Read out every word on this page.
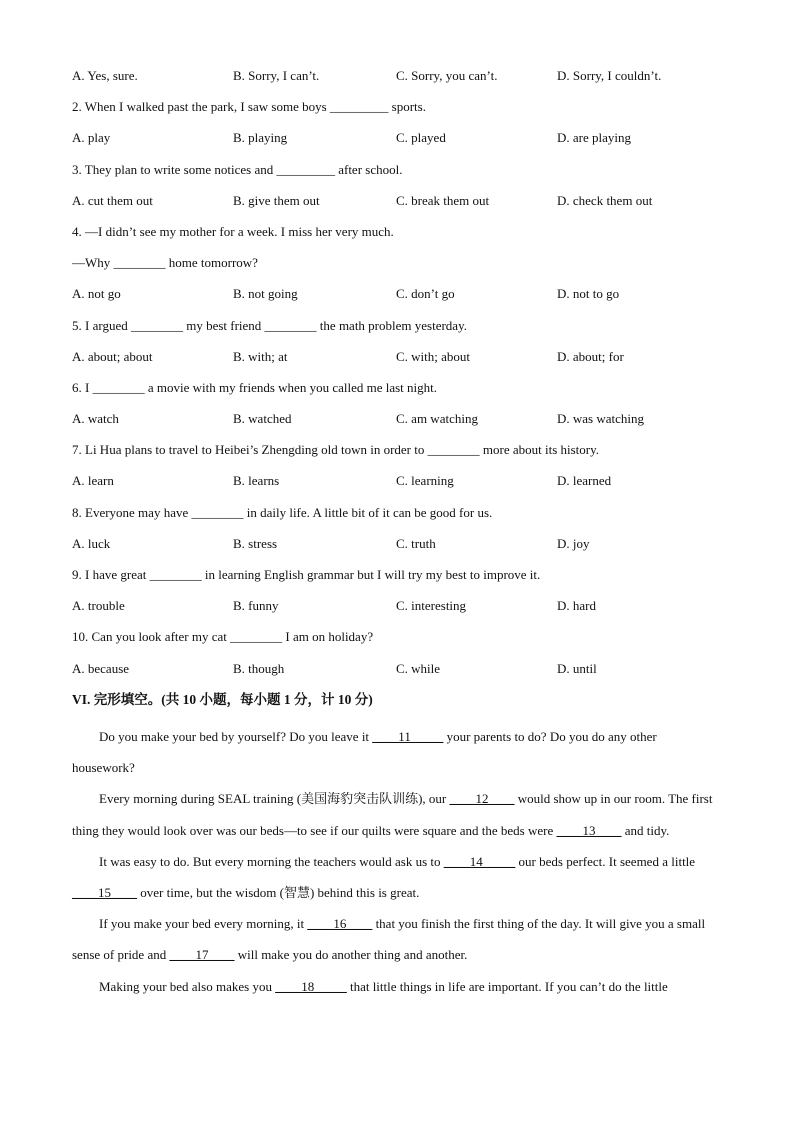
A. Yes, sure.	B. Sorry, I can’t.	C. Sorry, you can’t.	D. Sorry, I couldn’t.
2. When I walked past the park, I saw some boys _________ sports.
A. play	B. playing	C. played	D. are playing
3. They plan to write some notices and _________ after school.
A. cut them out	B. give them out	C. break them out	D. check them out
4. —I didn’t see my mother for a week. I miss her very much.
—Why ________ home tomorrow?
A. not go	B. not going	C. don’t go	D. not to go
5. I argued ________ my best friend ________ the math problem yesterday.
A. about; about	B. with; at	C. with; about	D. about; for
6. I ________ a movie with my friends when you called me last night.
A. watch	B. watched	C. am watching	D. was watching
7. Li Hua plans to travel to Heibei’s Zhengding old town in order to ________ more about its history.
A. learn	B. learns	C. learning	D. learned
8. Everyone may have ________ in daily life. A little bit of it can be good for us.
A. luck	B. stress	C. truth	D. joy
9. I have great ________ in learning English grammar but I will try my best to improve it.
A. trouble	B. funny	C. interesting	D. hard
10. Can you look after my cat ________ I am on holiday?
A. because	B. though	C. while	D. until
VI. 完形填空。(共 10 小题，每小题 1 分，计 10 分)
Do you make your bed by yourself? Do you leave it ____11_____ your parents to do? Do you do any other housework?
Every morning during SEAL training (美国海豹突击队训练), our ____12____ would show up in our room. The first thing they would look over was our beds—to see if our quilts were square and the beds were ____13____ and tidy.
It was easy to do. But every morning the teachers would ask us to ____14_____ our beds perfect. It seemed a little ____15____ over time, but the wisdom (智慧) behind this is great.
If you make your bed every morning, it ____16____ that you finish the first thing of the day. It will give you a small sense of pride and ____17____ will make you do another thing and another.
Making your bed also makes you ____18_____ that little things in life are important. If you can’t do the little
